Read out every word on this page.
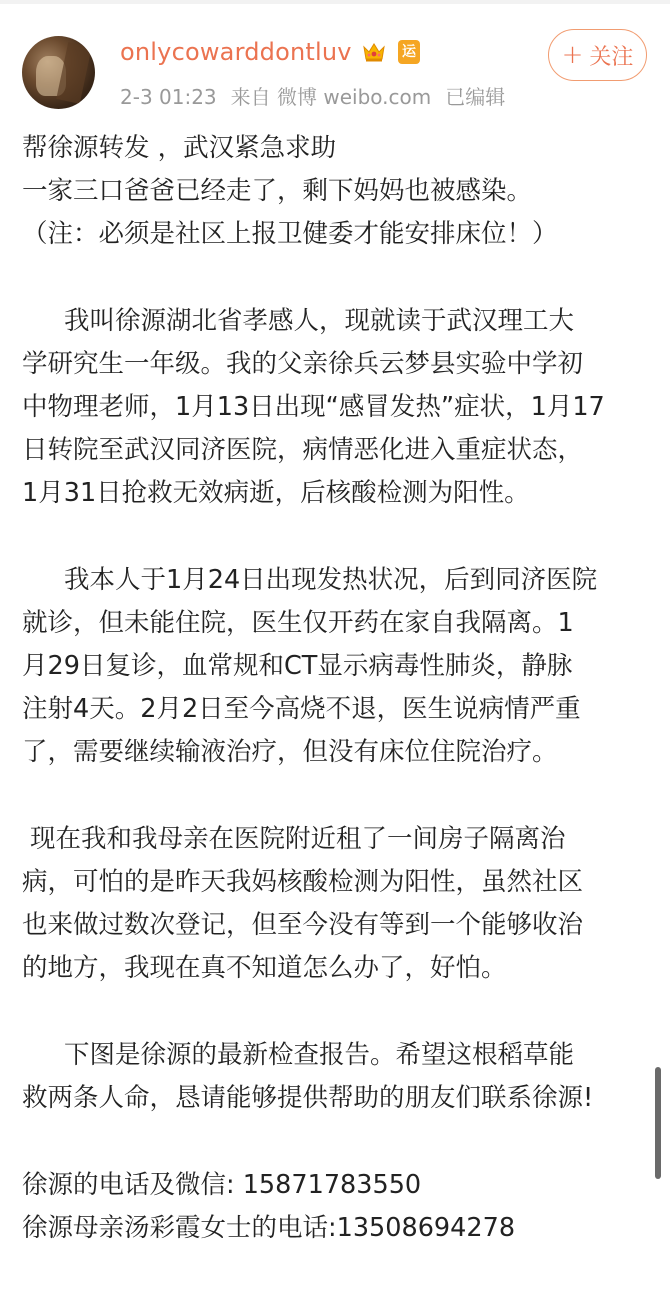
onlycowarddontluv	运
2-3 01:23 来自 微博 weibo.com 已编辑
+ 关注

帮徐源转发 ，武汉紧急求助

一家三口爸爸已经走了，剩下妈妈也被感染。

（注：必须是社区上报卫健委才能安排床位！）

我叫徐源湖北省孝感人，现就读于武汉理工大

学研究生一年级。我的父亲徐兵云梦县实验中学初

中物理老师，1月13日出现“感冒发热”症状，1月17

日转院至武汉同济医院，病情恶化进入重症状态，

1月31日抢救无效病逝，后核酸检测为阳性。

我本人于1月24日出现发热状况，后到同济医院

就诊，但未能住院，医生仅开药在家自我隔离。1

月29日复诊，血常规和CT显示病毒性肺炎，静脉

注射4天。2月2日至今高烧不退，医生说病情严重

了，需要继续输液治疗，但没有床位住院治疗。

现在我和我母亲在医院附近租了一间房子隔离治

病，可怕的是昨天我妈核酸检测为阳性，虽然社区

也来做过数次登记，但至今没有等到一个能够收治

的地方，我现在真不知道怎么办了，好怕。

下图是徐源的最新检查报告。希望这根稻草能

救两条人命，恳请能够提供帮助的朋友们联系徐源!

徐源的电话及微信: 15871783550

徐源母亲汤彩霞女士的电话:13508694278
